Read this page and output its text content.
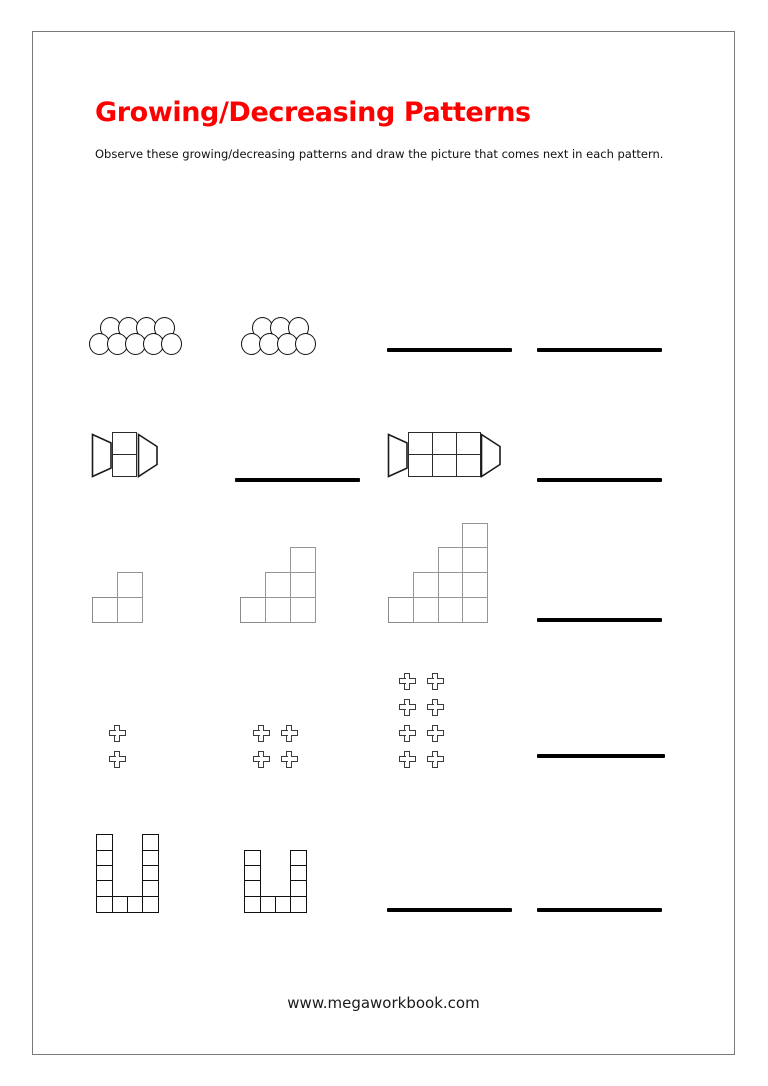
Growing/Decreasing Patterns
Observe these growing/decreasing patterns and draw the picture that comes next in each pattern.
www.megaworkbook.com
